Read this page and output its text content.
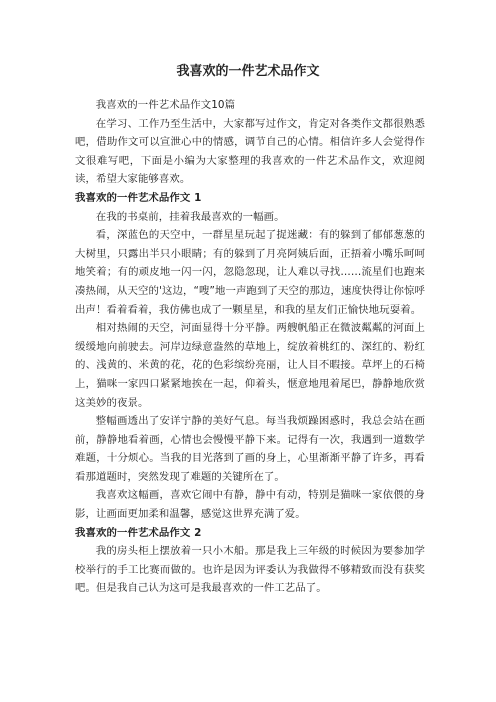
我喜欢的一件艺术品作文

我喜欢的一件艺术品作文10篇

在学习、工作乃至生活中，大家都写过作文，肯定对各类作文都很熟悉吧，借助作文可以宣泄心中的情感，调节自己的心情。相信许多人会觉得作文很难写吧，下面是小编为大家整理的我喜欢的一件艺术品作文，欢迎阅读，希望大家能够喜欢。

我喜欢的一件艺术品作文 1

在我的书桌前，挂着我最喜欢的一幅画。

看，深蓝色的天空中，一群星星玩起了捉迷藏：有的躲到了郁郁葱葱的大树里，只露出半只小眼睛；有的躲到了月亮阿姨后面，正捂着小嘴乐呵呵地笑着；有的顽皮地一闪一闪，忽隐忽现，让人难以寻找……流星们也跑来凑热闹，从天空的'这边，“嗖”地一声跑到了天空的那边，速度快得让你惊呼出声！看着看着，我仿佛也成了一颗星星，和我的星友们正愉快地玩耍着。

相对热闹的天空，河面显得十分平静。两艘帆船正在微波粼粼的河面上缓缓地向前驶去。河岸边绿意盎然的草地上，绽放着桃红的、深红的、粉红的、浅黄的、米黄的花，花的色彩缤纷亮丽，让人目不暇接。草坪上的石椅上，猫咪一家四口紧紧地挨在一起，仰着头，惬意地甩着尾巴，静静地欣赏这美妙的夜景。

整幅画透出了安详宁静的美好气息。每当我烦躁困惑时，我总会站在画前，静静地看着画，心情也会慢慢平静下来。记得有一次，我遇到一道数学难题，十分烦心。当我的目光落到了画的身上，心里渐渐平静了许多，再看看那道题时，突然发现了难题的关键所在了。

我喜欢这幅画，喜欢它闹中有静，静中有动，特别是猫咪一家依偎的身影，让画面更加柔和温馨，感觉这世界充满了爱。

我喜欢的一件艺术品作文 2

我的房头柜上摆放着一只小木船。那是我上三年级的时候因为要参加学校举行的手工比赛而做的。也许是因为评委认为我做得不够精致而没有获奖吧。但是我自己认为这可是我最喜欢的一件工艺品了。
